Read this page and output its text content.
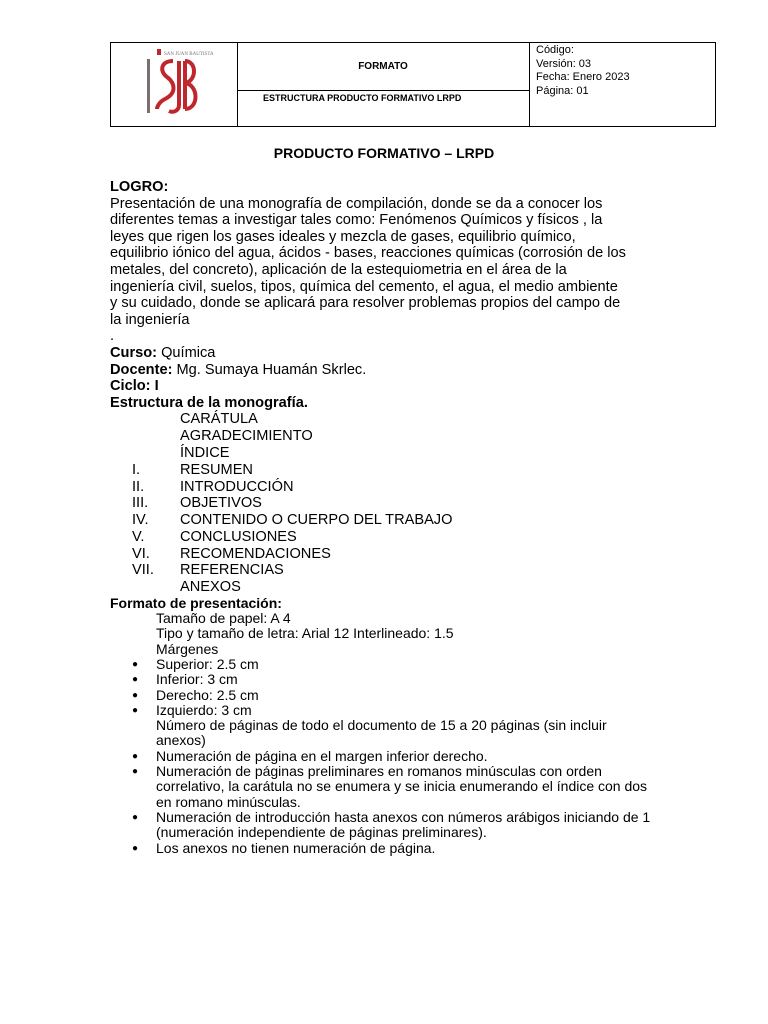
SAN JUAN BAUTISTA
FORMATO
ESTRUCTURA PRODUCTO FORMATIVO LRPD
Código:
Versión: 03
Fecha: Enero 2023
Página: 01
PRODUCTO FORMATIVO – LRPD
LOGRO:
Presentación de una monografía de compilación, donde se da a conocer los
diferentes temas a investigar tales como: Fenómenos Químicos y físicos , la
leyes que rigen los gases ideales y mezcla de gases, equilibrio químico,
equilibrio iónico del agua, ácidos - bases, reacciones químicas (corrosión de los
metales, del concreto), aplicación de la estequiometria en el área de la
ingeniería civil, suelos, tipos, química del cemento, el agua, el medio ambiente
y su cuidado, donde se aplicará para resolver problemas propios del campo de
la ingeniería
.
Curso: Química
Docente: Mg. Sumaya Huamán Skrlec.
Ciclo: I
Estructura de la monografía.
CARÁTULA
AGRADECIMIENTO
ÍNDICE
I.	RESUMEN
II.	INTRODUCCIÓN
III.	OBJETIVOS
IV.	CONTENIDO O CUERPO DEL TRABAJO
V.	CONCLUSIONES
VI.	RECOMENDACIONES
VII.	REFERENCIAS
ANEXOS
Formato de presentación:
Tamaño de papel: A 4
Tipo y tamaño de letra: Arial 12 Interlineado: 1.5
Márgenes
● Superior: 2.5 cm
● Inferior: 3 cm
● Derecho: 2.5 cm
● Izquierdo: 3 cm
Número de páginas de todo el documento de 15 a 20 páginas (sin incluir
anexos)
● Numeración de página en el margen inferior derecho.
● Numeración de páginas preliminares en romanos minúsculas con orden
correlativo, la carátula no se enumera y se inicia enumerando el índice con dos
en romano minúsculas.
● Numeración de introducción hasta anexos con números arábigos iniciando de 1
(numeración independiente de páginas preliminares).
● Los anexos no tienen numeración de página.
